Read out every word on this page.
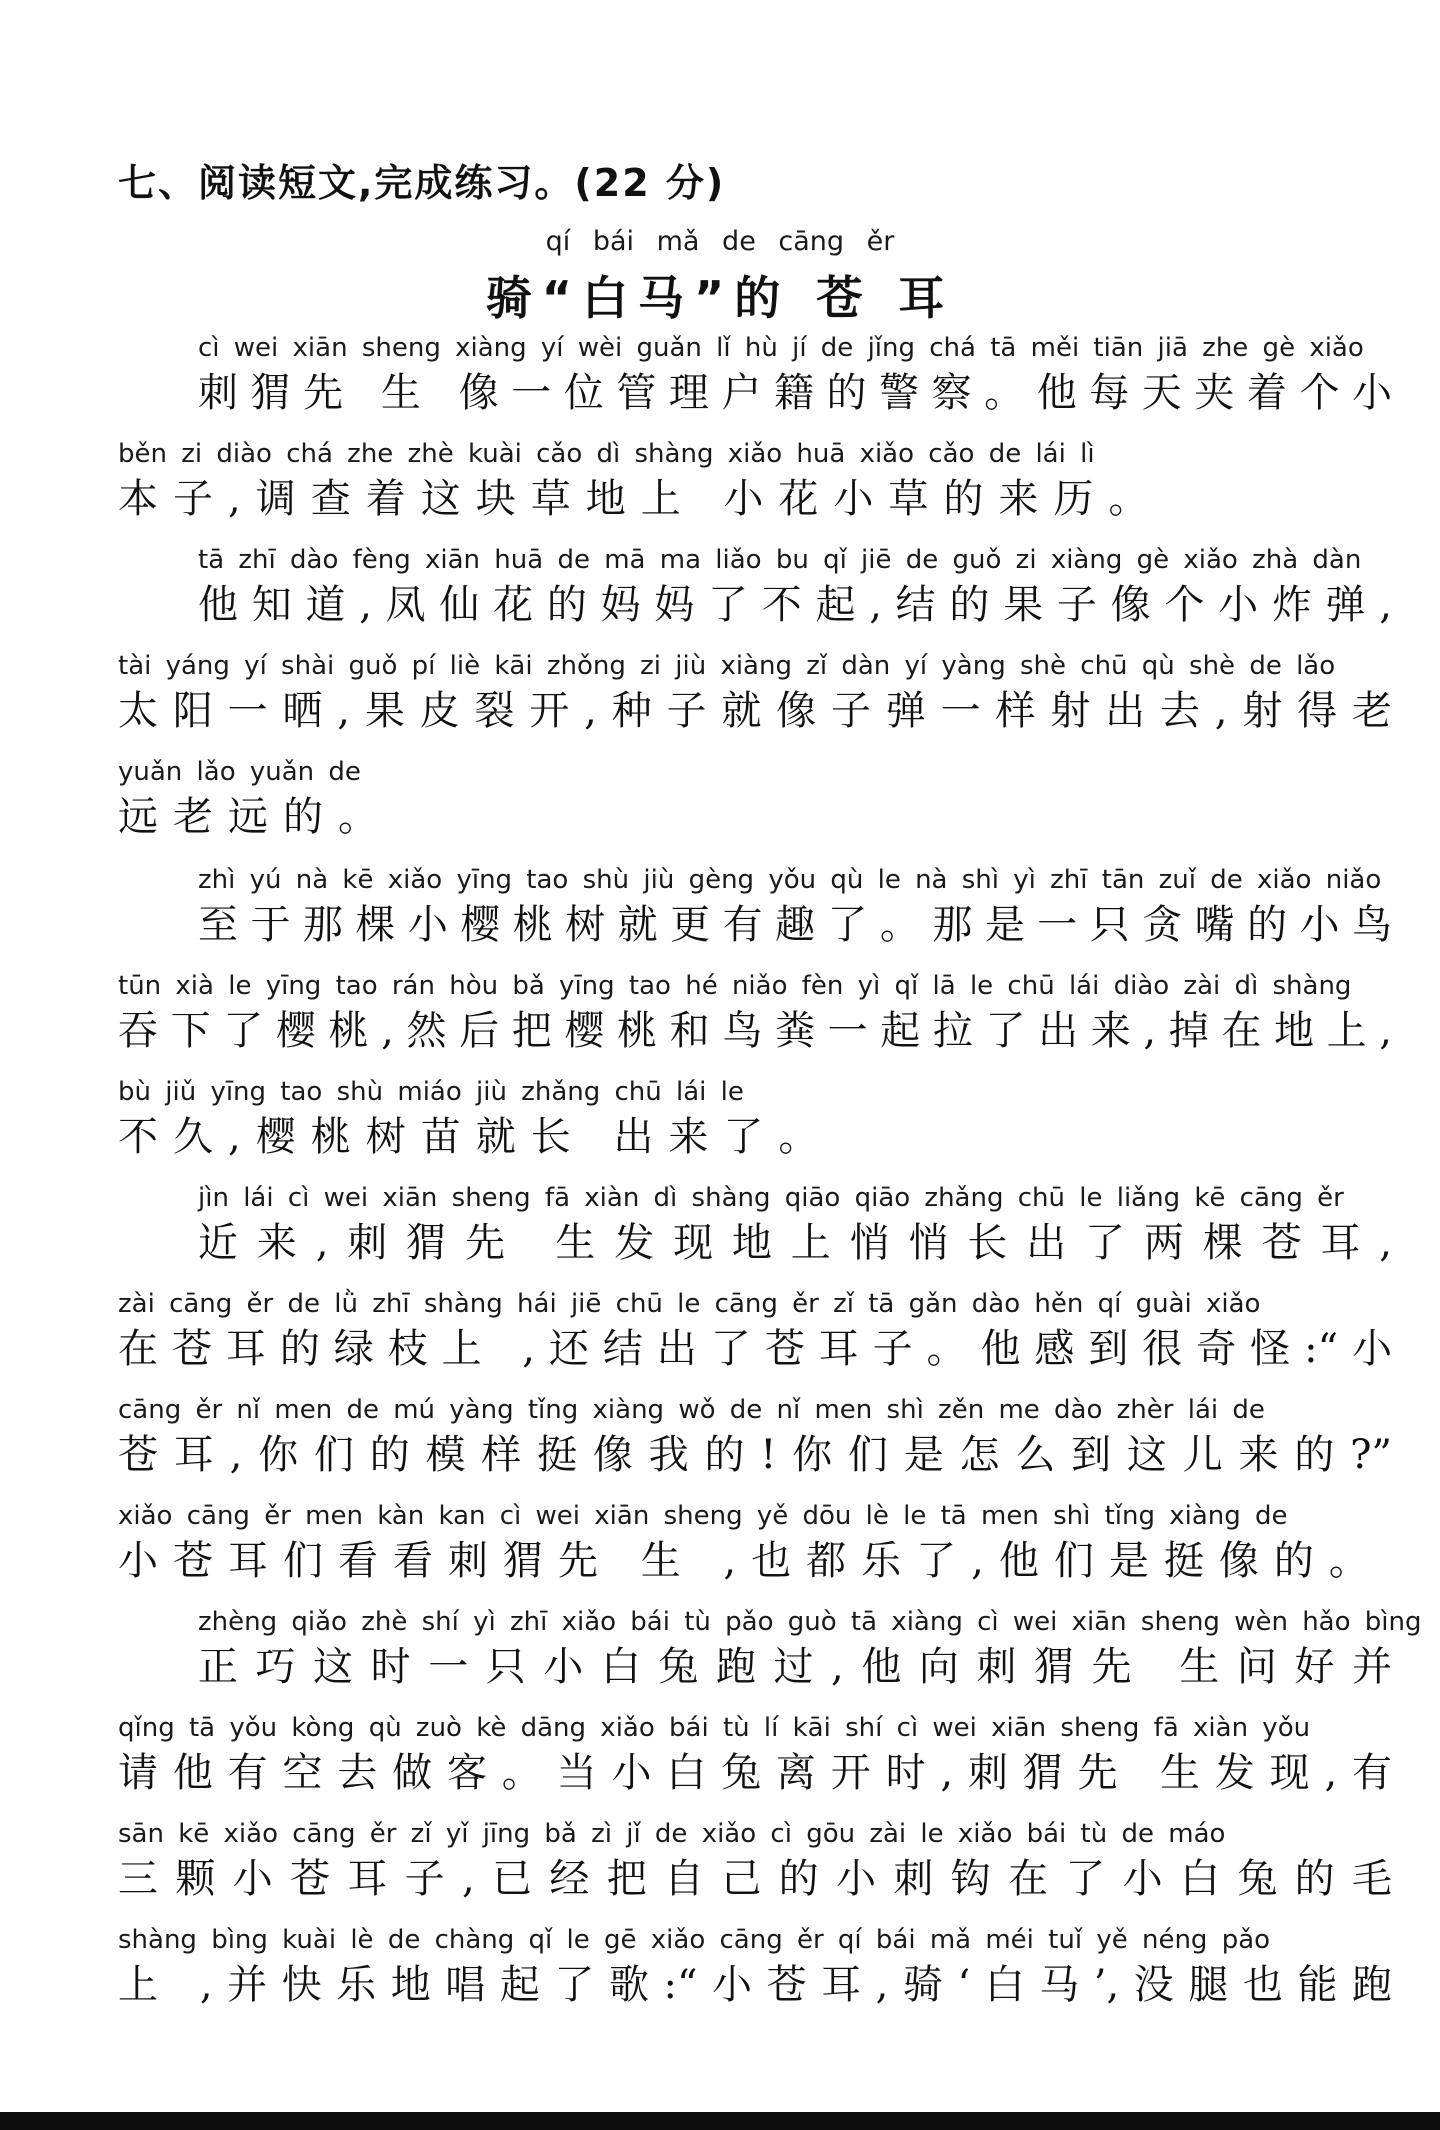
七、阅读短文,完成练习。(22 分)
qí bái mǎ de cāng ěr
骑“白马”的 苍 耳
cì wei xiān sheng xiàng yí wèi guǎn lǐ hù jí de jǐng chá tā měi tiān jiā zhe gè xiǎo
刺猬先 生 像一位管理户籍的警察。他每天夹着个小
běn zi diào chá zhe zhè kuài cǎo dì shàng xiǎo huā xiǎo cǎo de lái lì
本子,调查着这块草地上 小花小草的来历。
tā zhī dào fèng xiān huā de mā ma liǎo bu qǐ jiē de guǒ zi xiàng gè xiǎo zhà dàn
他知道,凤仙花的妈妈了不起,结的果子像个小炸弹,
tài yáng yí shài guǒ pí liè kāi zhǒng zi jiù xiàng zǐ dàn yí yàng shè chū qù shè de lǎo
太阳一晒,果皮裂开,种子就像子弹一样射出去,射得老
yuǎn lǎo yuǎn de
远老远的。
zhì yú nà kē xiǎo yīng tao shù jiù gèng yǒu qù le nà shì yì zhī tān zuǐ de xiǎo niǎo
至于那棵小樱桃树就更有趣了。那是一只贪嘴的小鸟
tūn xià le yīng tao rán hòu bǎ yīng tao hé niǎo fèn yì qǐ lā le chū lái diào zài dì shàng
吞下了樱桃,然后把樱桃和鸟粪一起拉了出来,掉在地上,
bù jiǔ yīng tao shù miáo jiù zhǎng chū lái le
不久,樱桃树苗就长 出来了。
jìn lái cì wei xiān sheng fā xiàn dì shàng qiāo qiāo zhǎng chū le liǎng kē cāng ěr
近来,刺猬先 生发现地上悄悄长出了两棵苍耳,
zài cāng ěr de lǜ zhī shàng hái jiē chū le cāng ěr zǐ tā gǎn dào hěn qí guài xiǎo
在苍耳的绿枝上 ,还结出了苍耳子。他感到很奇怪:“小
cāng ěr nǐ men de mú yàng tǐng xiàng wǒ de nǐ men shì zěn me dào zhèr lái de
苍耳,你们的模样挺像我的!你们是怎么到这儿来的?”
xiǎo cāng ěr men kàn kan cì wei xiān sheng yě dōu lè le tā men shì tǐng xiàng de
小苍耳们看看刺猬先 生 ,也都乐了,他们是挺像的。
zhèng qiǎo zhè shí yì zhī xiǎo bái tù pǎo guò tā xiàng cì wei xiān sheng wèn hǎo bìng
正巧这时一只小白兔跑过,他向刺猬先 生问好并
qǐng tā yǒu kòng qù zuò kè dāng xiǎo bái tù lí kāi shí cì wei xiān sheng fā xiàn yǒu
请他有空去做客。当小白兔离开时,刺猬先 生发现,有
sān kē xiǎo cāng ěr zǐ yǐ jīng bǎ zì jǐ de xiǎo cì gōu zài le xiǎo bái tù de máo
三颗小苍耳子,已经把自己的小刺钩在了小白兔的毛
shàng bìng kuài lè de chàng qǐ le gē xiǎo cāng ěr qí bái mǎ méi tuǐ yě néng pǎo
上 ,并快乐地唱起了歌:“小苍耳,骑‘白马’,没腿也能跑
